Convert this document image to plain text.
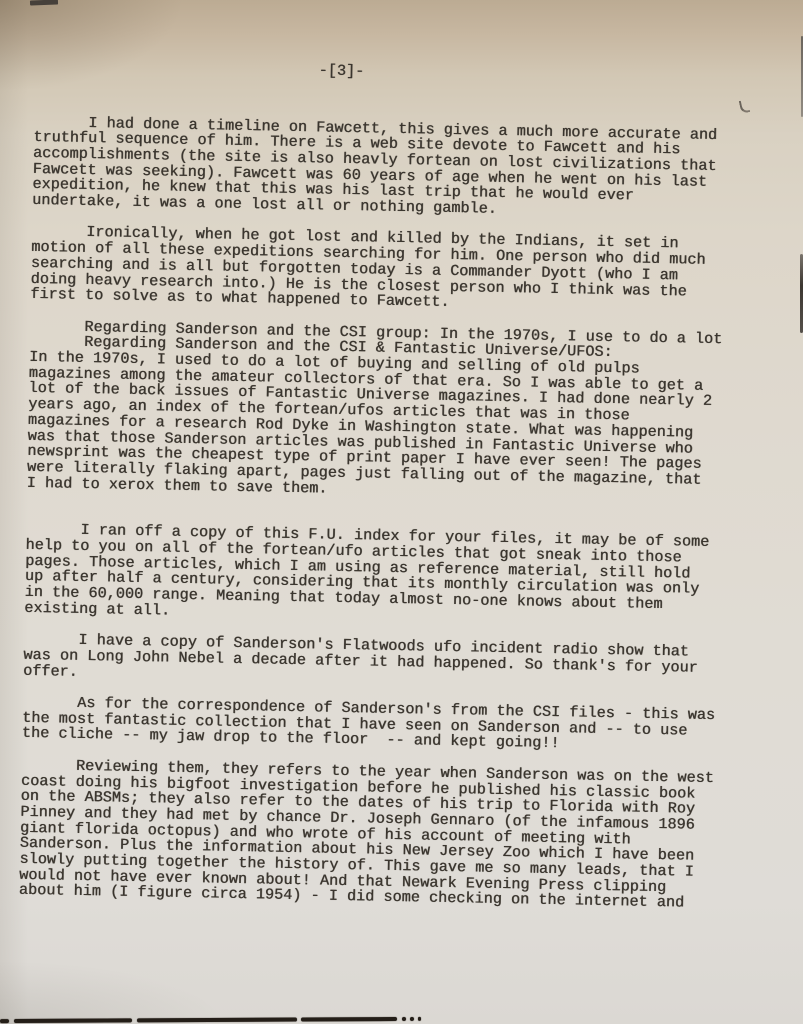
-[3]-

I had done a timeline on Fawcett, this gives a much more accurate and
truthful sequence of him. There is a web site devote to Fawcett and his
accomplishments (the site is also heavly fortean on lost civilizations that
Fawcett was seeking). Fawcett was 60 years of age when he went on his last
expedition, he knew that this was his last trip that he would ever
undertake, it was a one lost all or nothing gamble.
Ironically, when he got lost and killed by the Indians, it set in
motion of all these expeditions searching for him. One person who did much
searching and is all but forgotten today is a Commander Dyott (who I am
doing heavy research into.) He is the closest person who I think was the
first to solve as to what happened to Fawcett.
Regarding Sanderson and the CSI group: In the 1970s, I use to do a lot
Regarding Sanderson and the CSI & Fantastic Universe/UFOS:
In the 1970s, I used to do a lot of buying and selling of old pulps
magazines among the amateur collectors of that era. So I was able to get a
lot of the back issues of Fantastic Universe magazines. I had done nearly 2
years ago, an index of the fortean/ufos articles that was in those
magazines for a research Rod Dyke in Washington state. What was happening
was that those Sanderson articles was published in Fantastic Universe who
newsprint was the cheapest type of print paper I have ever seen! The pages
were literally flaking apart, pages just falling out of the magazine, that
I had to xerox them to save them.
I ran off a copy of this F.U. index for your files, it may be of some
help to you on all of the fortean/ufo articles that got sneak into those
pages. Those articles, which I am using as reference material, still hold
up after half a century, considering that its monthly circulation was only
in the 60,000 range. Meaning that today almost no-one knows about them
existing at all.
I have a copy of Sanderson's Flatwoods ufo incident radio show that
was on Long John Nebel a decade after it had happened. So thank's for your
offer.
As for the correspondence of Sanderson's from the CSI files - this was
the most fantastic collection that I have seen on Sanderson and -- to use
the cliche -- my jaw drop to the floor  -- and kept going!!
Reviewing them, they refers to the year when Sanderson was on the west
coast doing his bigfoot investigation before he published his classic book
on the ABSMs; they also refer to the dates of his trip to Florida with Roy
Pinney and they had met by chance Dr. Joseph Gennaro (of the infamous 1896
giant florida octopus) and who wrote of his account of meeting with
Sanderson. Plus the information about his New Jersey Zoo which I have been
slowly putting together the history of. This gave me so many leads, that I
would not have ever known about! And that Newark Evening Press clipping
about him (I figure circa 1954) - I did some checking on the internet and
